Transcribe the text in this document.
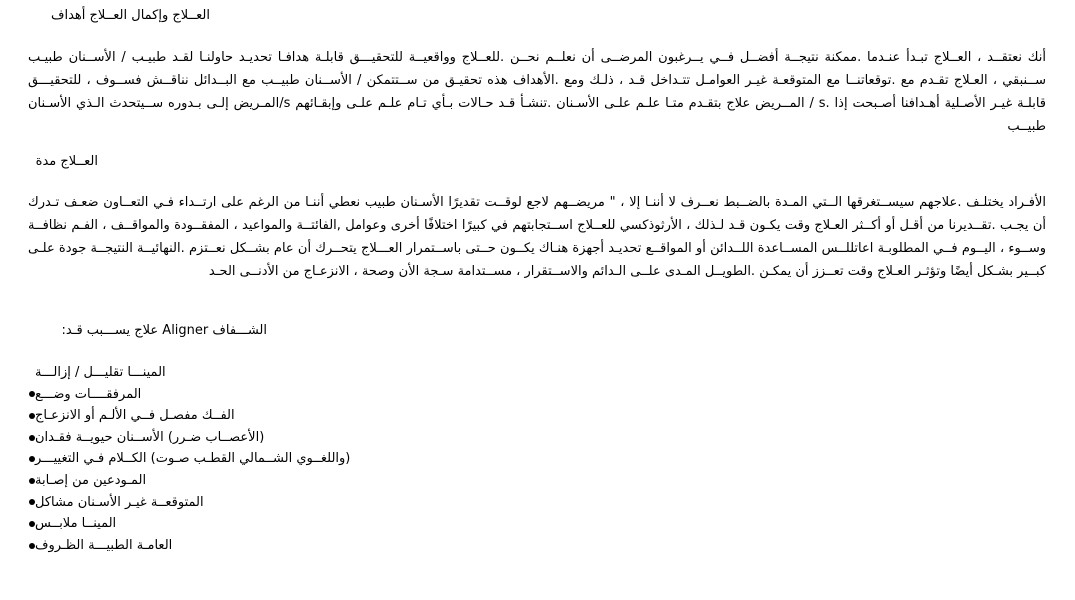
العــلاج وإكمال العــلاج أهداف
أنك نعتقــد ، العــلاج تبـدأ عنـدما .ممكنة نتيجــة أفضــل فــي يــرغبون المرضــى أن نعلــم نحــن .للعــلاج وواقعيــة للتحقيـــق قابلـة هدافـا تحديـد حاولنـا لقـد طبيـب / الأســنان طبيـب ســنبقي ، العـلاج تقـدم مع .توقعاتنــا مع المتوقعـة غيـر العوامـل تتـداخل قـد ، ذلـك ومع .الأهداف هذه تحقيـق من ســتتمكن / الأســنان طبيــب مع البــدائل نناقــش فســوف ، للتحقيـــق قابلـة غيـر الأصـلية أهـدافنا أصـبحت إذا .s / المــريض علاج بتقـدم متـا علـم علـى الأسـنان .تنشـأ قـد حـالات بـأي تـام علـم علـى وإبقـائهم s/المـريض إلـى بـدوره ســيتحدث الـذي الأسـنان طبيــب
العــلاج مدة
الأفـراد يختلـف .علاجهم سيســتغرقها الــتي المـدة بالضــبط نعــرف لا أننـا إلا ، " مريضــهم لاجع لوقــت تقديرًا الأسـنان طبيب نعطي أننـا من الرغم على ارتــداء فـي التعــاون ضعـف تـدرك أن يجـب .تقــديرنا من أقـل أو أكــثر العـلاج وقت يكـون قـد لـذلك ، الأرثوذكسي للعــلاج اســتجابتهم في كبيرًا اختلافًا أخرى وعوامل ,الفائتــة والمواعيد ، المفقــودة والمواقــف ، الفـم نظافــة وســوء ، اليــوم فــي المطلوبـة اعاتللــس المســاعدة اللــدائن أو المواقــع تحديـد أجهزة هنـاك يكــون حــتى باســتمرار العـــلاج يتحــرك أن عام بشــكل نعــتزم .النهائيــة النتيجــة جودة علـى كبــير بشـكل أيضًا وتؤثـر العـلاج وقت تعــزز أن يمكـن .الطويــل المـدى علــى الـدائم والاســتقرار ، مســتدامة سـجة الأن وصحة ، الانزعـاج من الأدنــى الحـد
الشـــفاف Aligner علاج يســـبب قـد:
المينـــا تقليـــل / إزالـــة
المرفقــــات وضـــع
الفــك مفصـل فــي الألـم أو الانزعـاج
(الأعصــاب ضـرر) الأســنان حيويــة فقـدان
(واللغــوي الشــمالي القطـب صـوت) الكــلام فـي التغييـــر
المـودعين من إصـابة
المتوقعــة غيـر الأسـنان مشاكل
المينــا ملابــس
العامـة الطبيـــة الظـروف
